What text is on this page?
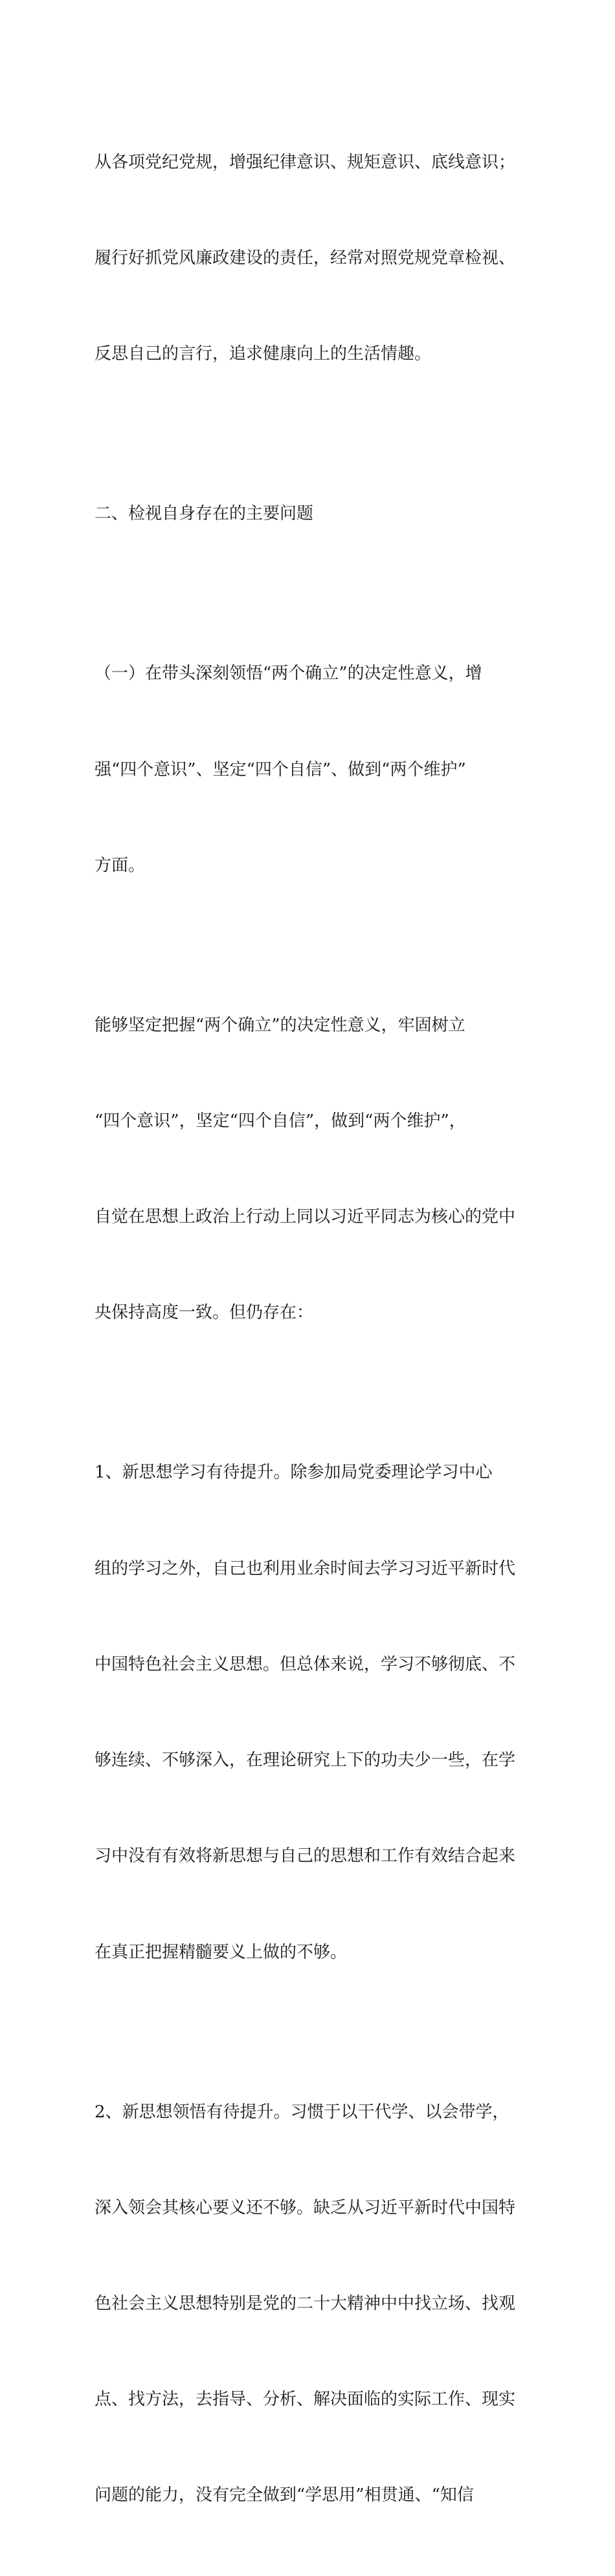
从各项党纪党规，增强纪律意识、规矩意识、底线意识；

履行好抓党风廉政建设的责任，经常对照党规党章检视、

反思自己的言行，追求健康向上的生活情趣。

二、检视自身存在的主要问题

（一）在带头深刻领悟“两个确立”的决定性意义，增

强“四个意识”、坚定“四个自信”、做到“两个维护”

方面。

能够坚定把握“两个确立”的决定性意义，牢固树立

“四个意识”，坚定“四个自信”，做到“两个维护”，

自觉在思想上政治上行动上同以习近平同志为核心的党中

央保持高度一致。但仍存在：

1、新思想学习有待提升。除参加局党委理论学习中心

组的学习之外，自己也利用业余时间去学习习近平新时代

中国特色社会主义思想。但总体来说，学习不够彻底、不

够连续、不够深入，在理论研究上下的功夫少一些，在学

习中没有有效将新思想与自己的思想和工作有效结合起来

在真正把握精髓要义上做的不够。

2、新思想领悟有待提升。习惯于以干代学、以会带学，

深入领会其核心要义还不够。缺乏从习近平新时代中国特

色社会主义思想特别是党的二十大精神中中找立场、找观

点、找方法，去指导、分析、解决面临的实际工作、现实

问题的能力，没有完全做到“学思用”相贯通、“知信
